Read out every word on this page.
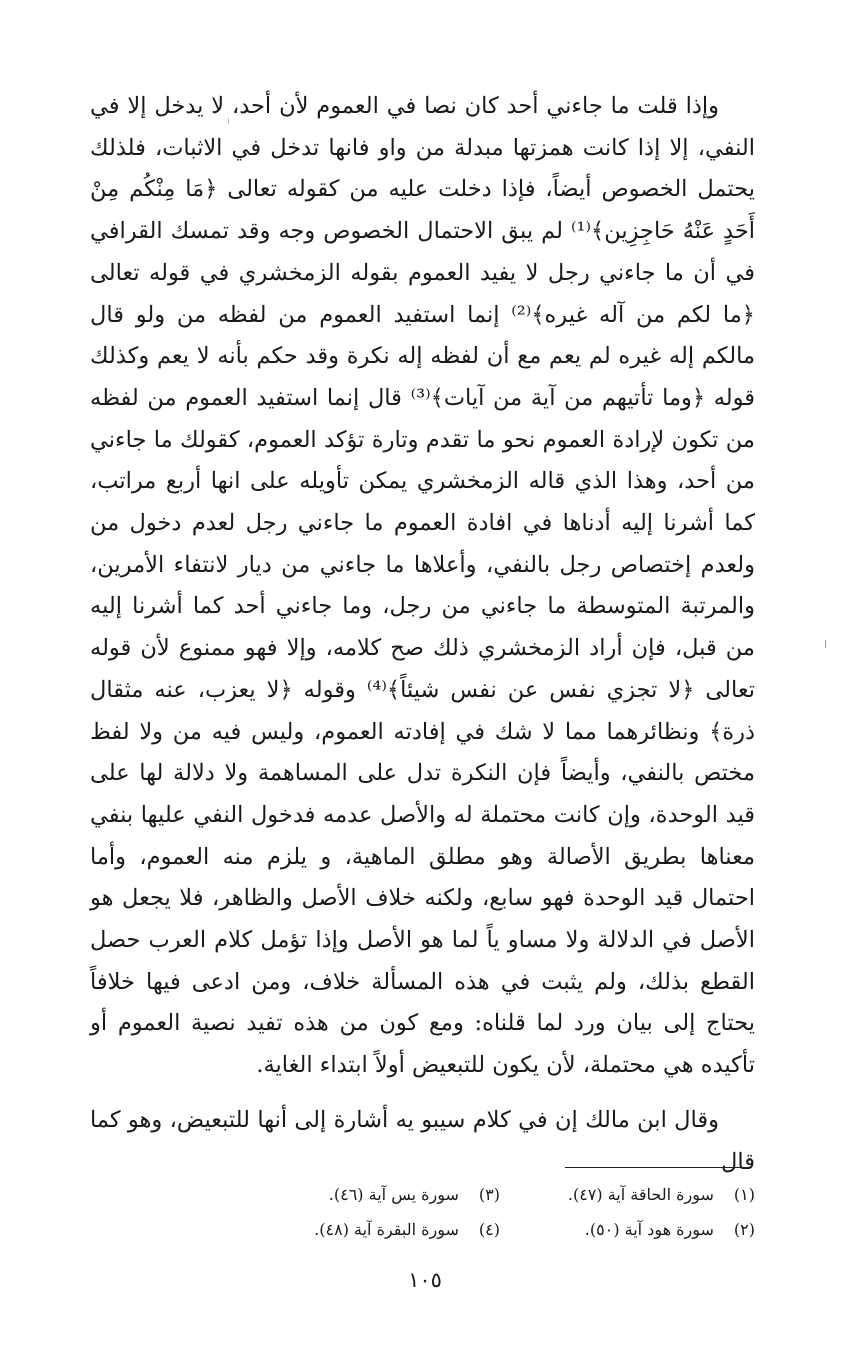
وإذا قلت ما جاءني أحد كان نصا في العموم لأن أحد، لا يدخل إلا في النفي، إلا إذا كانت همزتها مبدلة من واو فانها تدخل في الاثبات، فلذلك يحتمل الخصوص أيضاً، فإذا دخلت عليه من كقوله تعالى ﴿مَا مِنْكُم مِنْ أَحَدٍ عَنْهُ حَاجِزِين﴾⁽¹⁾ لم يبق الاحتمال الخصوص وجه وقد تمسك القرافي في أن ما جاءني رجل لا يفيد العموم بقوله الزمخشري في قوله تعالى ﴿ما لكم من آله غيره﴾⁽²⁾ إنما استفيد العموم من لفظه من ولو قال مالكم إله غيره لم يعم مع أن لفظه إله نكرة وقد حكم بأنه لا يعم وكذلك قوله ﴿وما تأتيهم من آية من آيات﴾⁽³⁾ قال إنما استفيد العموم من لفظه من تكون لإرادة العموم نحو ما تقدم وتارة تؤكد العموم، كقولك ما جاءني من أحد، وهذا الذي قاله الزمخشري يمكن تأويله على انها أربع مراتب، كما أشرنا إليه أدناها في افادة العموم ما جاءني رجل لعدم دخول من ولعدم إختصاص رجل بالنفي، وأعلاها ما جاءني من ديار لانتفاء الأمرين، والمرتبة المتوسطة ما جاءني من رجل، وما جاءني أحد كما أشرنا إليه من قبل، فإن أراد الزمخشري ذلك صح كلامه، وإلا فهو ممنوع لأن قوله تعالى ﴿لا تجزي نفس عن نفس شيئاً﴾⁽⁴⁾ وقوله ﴿لا يعزب، عنه مثقال ذرة﴾ ونظائرهما مما لا شك في إفادته العموم، وليس فيه من ولا لفظ مختص بالنفي، وأيضاً فإن النكرة تدل على المساهمة ولا دلالة لها على قيد الوحدة، وإن كانت محتملة له والأصل عدمه فدخول النفي عليها بنفي معناها بطريق الأصالة وهو مطلق الماهية، و يلزم منه العموم، وأما احتمال قيد الوحدة فهو سابع، ولكنه خلاف الأصل والظاهر، فلا يجعل هو الأصل في الدلالة ولا مساو ياً لما هو الأصل وإذا تؤمل كلام العرب حصل القطع بذلك، ولم يثبت في هذه المسألة خلاف، ومن ادعى فيها خلافاً يحتاج إلى بيان ورد لما قلناه: ومع كون من هذه تفيد نصية العموم أو تأكيده هي محتملة، لأن يكون للتبعيض أولاً ابتداء الغاية.

وقال ابن مالك إن في كلام سيبو يه أشارة إلى أنها للتبعيض، وهو كما قال

(١) سورة الحاقة آية (٤٧).
(٢) سورة هود آية (٥٠).
(٣) سورة يس آية (٤٦).
(٤) سورة البقرة آية (٤٨).
١٠٥
